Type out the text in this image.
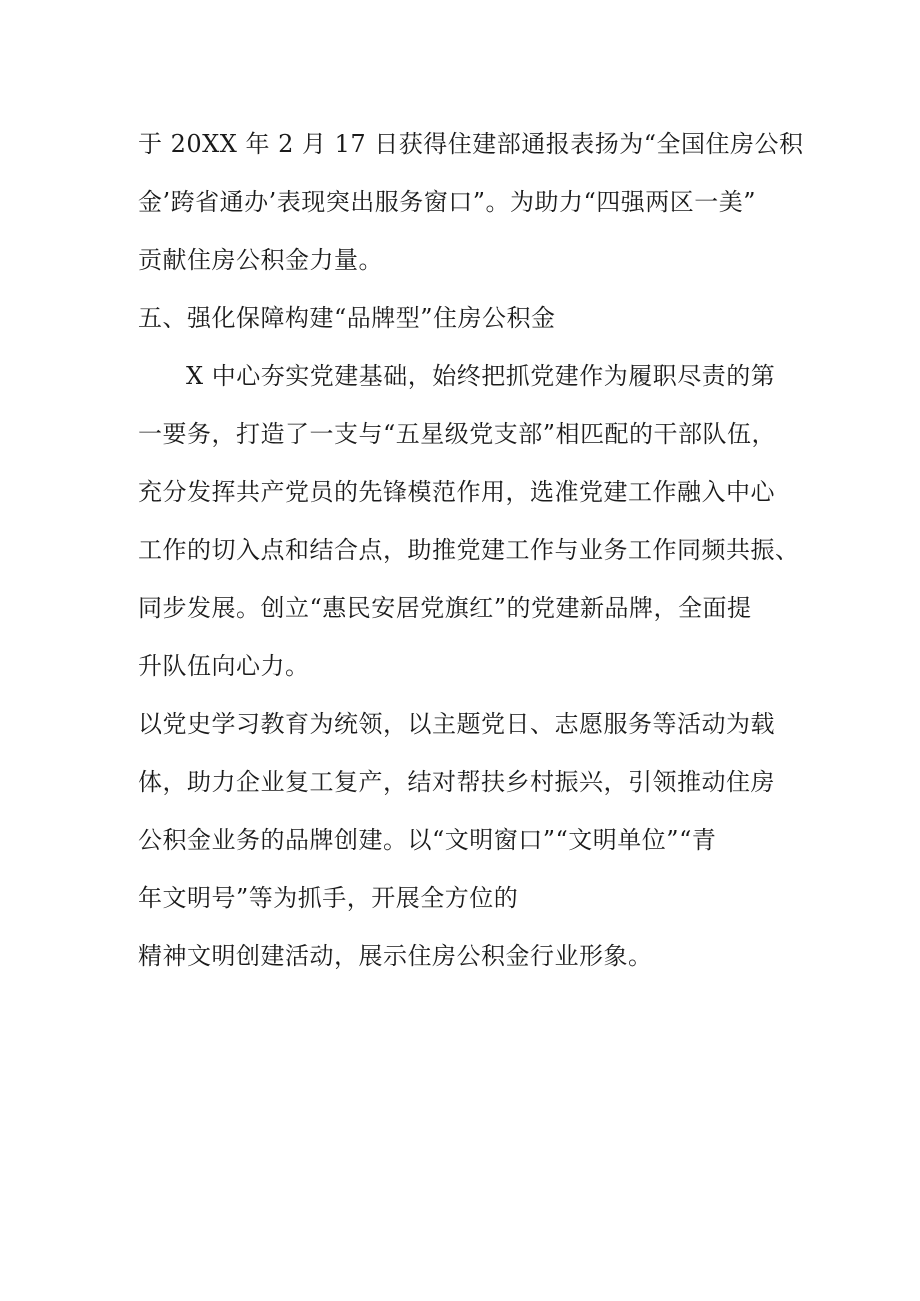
于 20XX 年 2 月 17 日获得住建部通报表扬为“全国住房公积

金’跨省通办’表现突出服务窗口”。为助力“四强两区一美”

贡献住房公积金力量。

五、强化保障构建“品牌型”住房公积金

X 中心夯实党建基础，始终把抓党建作为履职尽责的第

一要务，打造了一支与“五星级党支部”相匹配的干部队伍，

充分发挥共产党员的先锋模范作用，选准党建工作融入中心

工作的切入点和结合点，助推党建工作与业务工作同频共振、

同步发展。创立“惠民安居党旗红”的党建新品牌，全面提

升队伍向心力。

以党史学习教育为统领，以主题党日、志愿服务等活动为载

体，助力企业复工复产，结对帮扶乡村振兴，引领推动住房

公积金业务的品牌创建。以“文明窗口”“文明单位”“青

年文明号”等为抓手，开展全方位的

精神文明创建活动，展示住房公积金行业形象。
